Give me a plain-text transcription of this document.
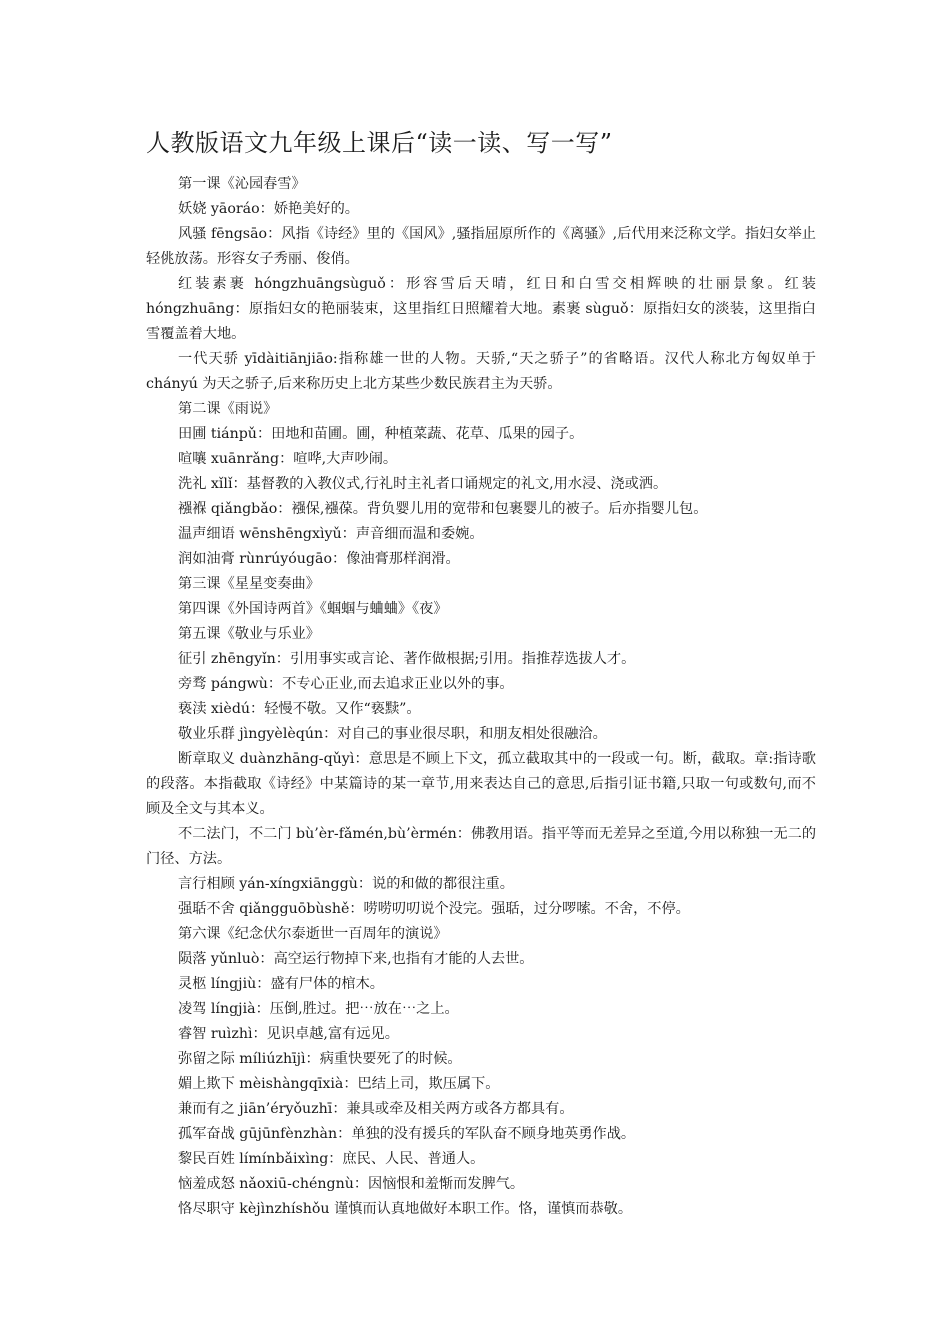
人教版语文九年级上课后“读一读、写一写”

第一课《沁园春雪》

妖娆 yāoráo：娇艳美好的。

风骚 fēngsāo：风指《诗经》里的《国风》,骚指屈原所作的《离骚》,后代用来泛称文学。指妇女举止轻佻放荡。形容女子秀丽、俊俏。

红装素裹 hóngzhuāngsùguǒ：形容雪后天晴，红日和白雪交相辉映的壮丽景象。红装 hóngzhuāng：原指妇女的艳丽装束，这里指红日照耀着大地。素裹 sùguǒ：原指妇女的淡装，这里指白雪覆盖着大地。

一代天骄 yīdàitiānjiāo:指称雄一世的人物。天骄,“天之骄子”的省略语。汉代人称北方匈奴单于 chányú 为天之骄子,后来称历史上北方某些少数民族君主为天骄。

第二课《雨说》

田圃 tiánpǔ：田地和苗圃。圃，种植菜蔬、花草、瓜果的园子。

喧嚷 xuānrǎng：喧哗,大声吵闹。

洗礼 xǐlǐ：基督教的入教仪式,行礼时主礼者口诵规定的礼文,用水浸、浇或洒。

襁褓 qiǎngbǎo：襁保,襁葆。背负婴儿用的宽带和包裹婴儿的被子。后亦指婴儿包。

温声细语 wēnshēngxìyǔ：声音细而温和委婉。

润如油膏 rùnrúyóugāo：像油膏那样润滑。

第三课《星星变奏曲》

第四课《外国诗两首》《蝈蝈与蛐蛐》《夜》

第五课《敬业与乐业》

征引 zhēngyǐn：引用事实或言论、著作做根据;引用。指推荐选拔人才。

旁骛 pángwù：不专心正业,而去追求正业以外的事。

亵渎 xièdú：轻慢不敬。又作“亵黩”。

敬业乐群 jìngyèlèqún：对自己的事业很尽职，和朋友相处很融洽。

断章取义 duànzhāng-qǔyì：意思是不顾上下文，孤立截取其中的一段或一句。断，截取。章:指诗歌的段落。本指截取《诗经》中某篇诗的某一章节,用来表达自己的意思,后指引证书籍,只取一句或数句,而不顾及全文与其本义。

不二法门，不二门 bù’èr-fǎmén,bù’èrmén：佛教用语。指平等而无差异之至道,今用以称独一无二的门径、方法。

言行相顾 yán-xíngxiānggù：说的和做的都很注重。

强聒不舍 qiǎngguōbùshě：唠唠叨叨说个没完。强聒，过分啰嗦。不舍，不停。

第六课《纪念伏尔泰逝世一百周年的演说》

陨落 yǔnluò：高空运行物掉下来,也指有才能的人去世。

灵柩 língjiù：盛有尸体的棺木。

凌驾 língjià：压倒,胜过。把⋯放在⋯之上。

睿智 ruìzhì：见识卓越,富有远见。

弥留之际 míliúzhījì：病重快要死了的时候。

媚上欺下 mèishàngqīxià：巴结上司，欺压属下。

兼而有之 jiān’éryǒuzhī：兼具或牵及相关两方或各方都具有。

孤军奋战 gūjūnfènzhàn：单独的没有援兵的军队奋不顾身地英勇作战。

黎民百姓 límínbǎixìng：庶民、人民、普通人。

恼羞成怒 nǎoxiū-chéngnù：因恼恨和羞惭而发脾气。

恪尽职守 kèjìnzhíshǒu 谨慎而认真地做好本职工作。恪，谨慎而恭敬。
